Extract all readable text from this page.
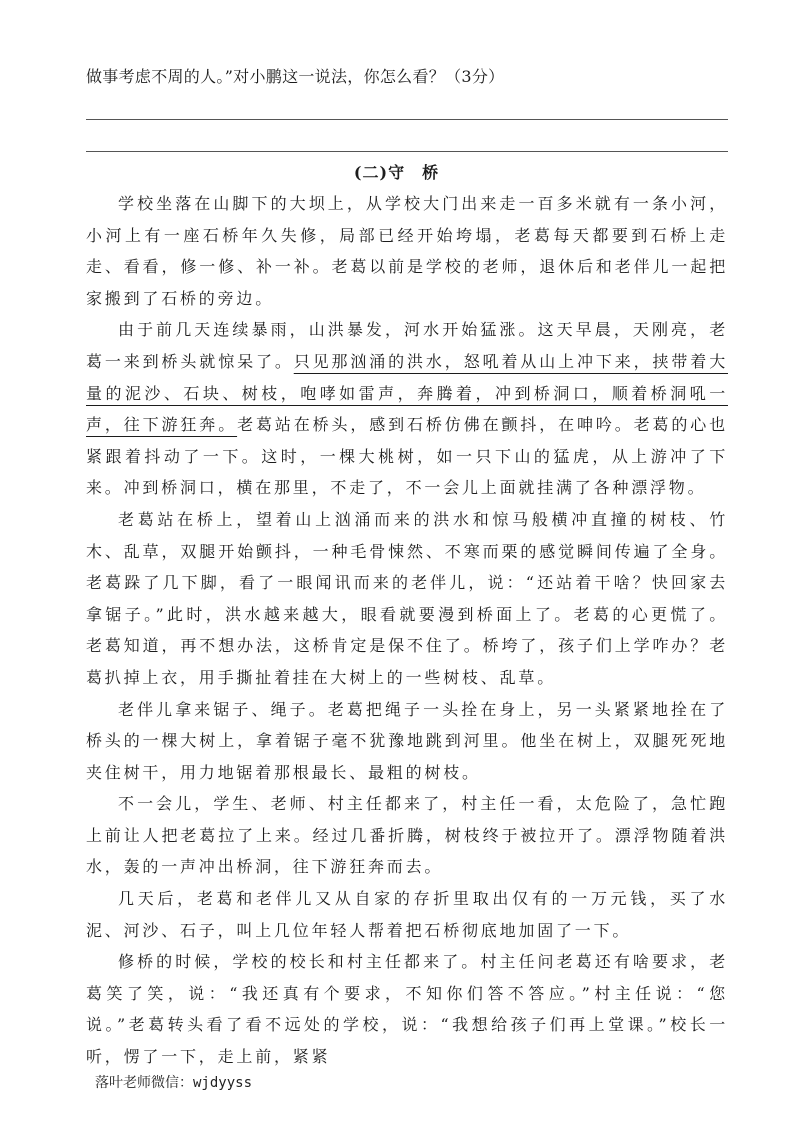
做事考虑不周的人。”对小鹏这一说法，你怎么看？（3分）
(二)守　桥

学校坐落在山脚下的大坝上，从学校大门出来走一百多米就有一条小河，小河上有一座石桥年久失修，局部已经开始垮塌，老葛每天都要到石桥上走走、看看，修一修、补一补。老葛以前是学校的老师，退休后和老伴儿一起把家搬到了石桥的旁边。

由于前几天连续暴雨，山洪暴发，河水开始猛涨。这天早晨，天刚亮，老葛一来到桥头就惊呆了。只见那汹涌的洪水，怒吼着从山上冲下来，挟带着大量的泥沙、石块、树枝，咆哮如雷声，奔腾着，冲到桥洞口，顺着桥洞吼一声，往下游狂奔。老葛站在桥头，感到石桥仿佛在颤抖，在呻吟。老葛的心也紧跟着抖动了一下。这时，一棵大桃树，如一只下山的猛虎，从上游冲了下来。冲到桥洞口，横在那里，不走了，不一会儿上面就挂满了各种漂浮物。

老葛站在桥上，望着山上汹涌而来的洪水和惊马般横冲直撞的树枝、竹木、乱草，双腿开始颤抖，一种毛骨悚然、不寒而栗的感觉瞬间传遍了全身。老葛跺了几下脚，看了一眼闻讯而来的老伴儿，说：“还站着干啥？快回家去拿锯子。”此时，洪水越来越大，眼看就要漫到桥面上了。老葛的心更慌了。老葛知道，再不想办法，这桥肯定是保不住了。桥垮了，孩子们上学咋办？老葛扒掉上衣，用手撕扯着挂在大树上的一些树枝、乱草。

老伴儿拿来锯子、绳子。老葛把绳子一头拴在身上，另一头紧紧地拴在了桥头的一棵大树上，拿着锯子毫不犹豫地跳到河里。他坐在树上，双腿死死地夹住树干，用力地锯着那根最长、最粗的树枝。

不一会儿，学生、老师、村主任都来了，村主任一看，太危险了，急忙跑上前让人把老葛拉了上来。经过几番折腾，树枝终于被拉开了。漂浮物随着洪水，轰的一声冲出桥洞，往下游狂奔而去。

几天后，老葛和老伴儿又从自家的存折里取出仅有的一万元钱，买了水泥、河沙、石子，叫上几位年轻人帮着把石桥彻底地加固了一下。

修桥的时候，学校的校长和村主任都来了。村主任问老葛还有啥要求，老葛笑了笑，说：“我还真有个要求，不知你们答不答应。”村主任说：“您说。”老葛转头看了看不远处的学校，说：“我想给孩子们再上堂课。”校长一听，愣了一下，走上前，紧紧

落叶老师微信：wjdyyss
